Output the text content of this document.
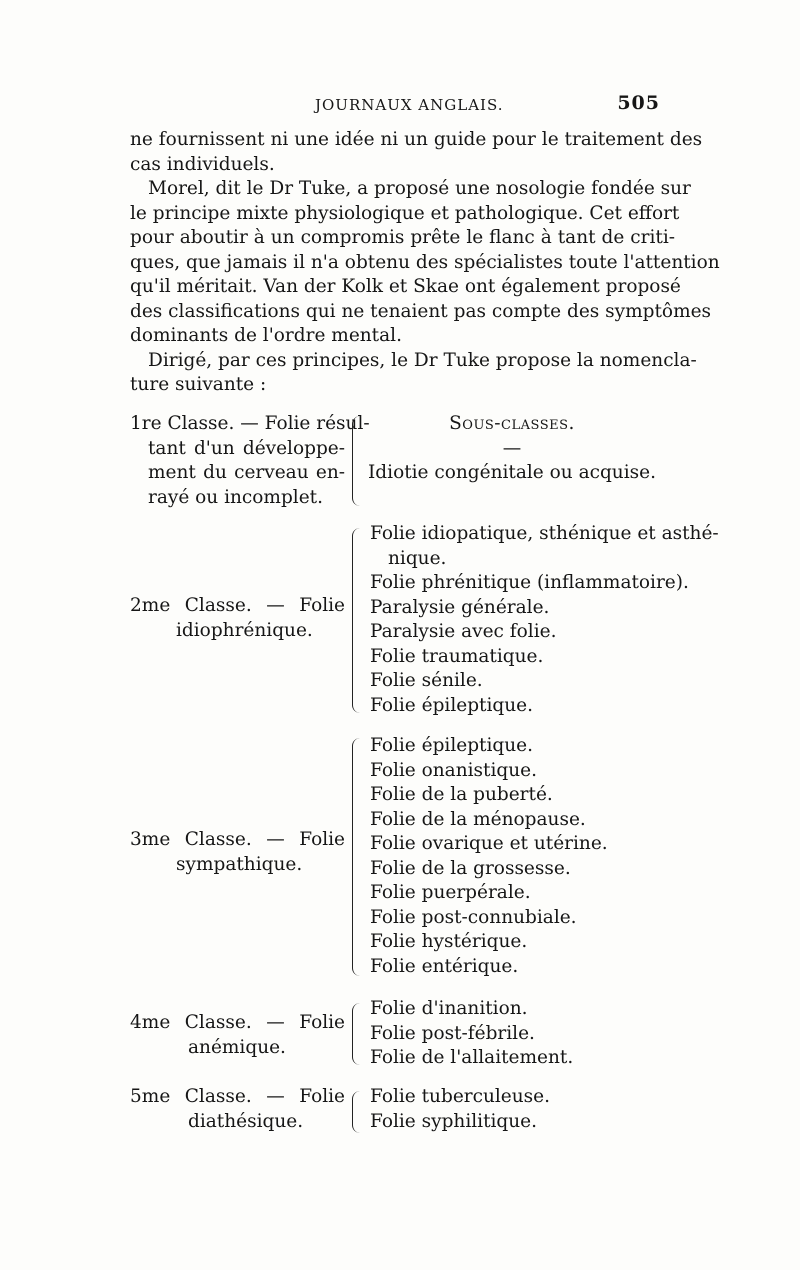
JOURNAUX ANGLAIS.	505
ne fournissent ni une idée ni un guide pour le traitement des
cas individuels.
Morel, dit le Dr Tuke, a proposé une nosologie fondée sur
le principe mixte physiologique et pathologique. Cet effort
pour aboutir à un compromis prête le flanc à tant de criti-
ques, que jamais il n'a obtenu des spécialistes toute l'attention
qu'il méritait. Van der Kolk et Skae ont également proposé
des classifications qui ne tenaient pas compte des symptômes
dominants de l'ordre mental.
Dirigé, par ces principes, le Dr Tuke propose la nomencla-
ture suivante :
1re Classe. — Folie résul-
tant d'un développe-
ment du cerveau en-
rayé ou incomplet.
Sous-classes.
—
Idiotie congénitale ou acquise.
2me Classe. — Folie
idiophrénique.
Folie idiopatique, sthénique et asthé-
nique.
Folie phrénitique (inflammatoire).
Paralysie générale.
Paralysie avec folie.
Folie traumatique.
Folie sénile.
Folie épileptique.
3me Classe. — Folie
sympathique.
Folie épileptique.
Folie onanistique.
Folie de la puberté.
Folie de la ménopause.
Folie ovarique et utérine.
Folie de la grossesse.
Folie puerpérale.
Folie post-connubiale.
Folie hystérique.
Folie entérique.
4me Classe. — Folie
anémique.
Folie d'inanition.
Folie post-fébrile.
Folie de l'allaitement.
5me Classe. — Folie
diathésique.
Folie tuberculeuse.
Folie syphilitique.
